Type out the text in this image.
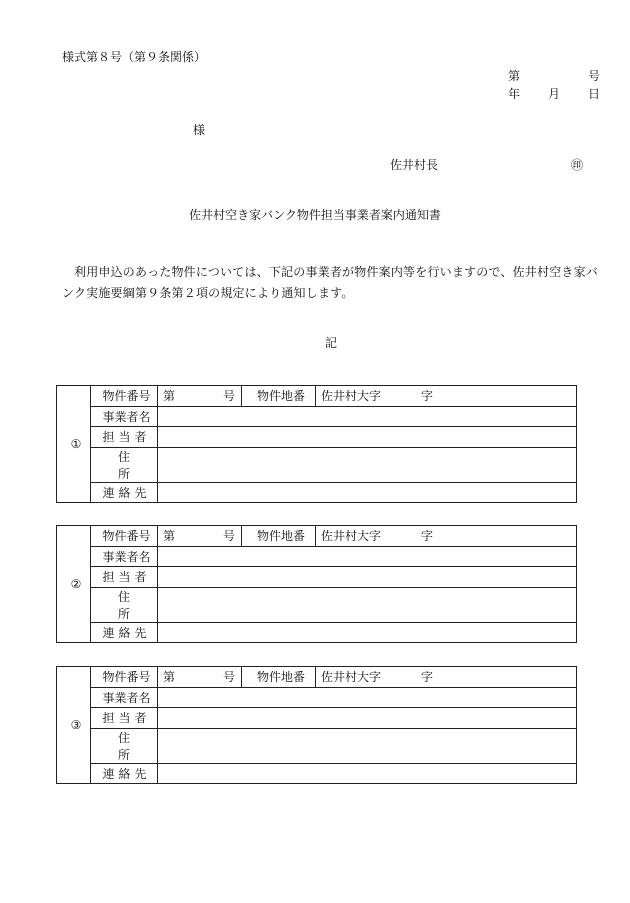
様式第８号（第９条関係）
第	号
年 月 日
様
佐井村長	㊞
佐井村空き家バンク物件担当事業者案内通知書
利用申込のあった物件については、下記の事業者が物件案内等を行いますので、佐井村空き家バンク実施要綱第９条第２項の規定により通知します。
記
①	物件番号	第 号	物件地番	佐井村大字 字
	事業者名			
	担当者			
	住所			
	連絡先			
②	物件番号	第 号	物件地番	佐井村大字 字
	事業者名			
	担当者			
	住所			
	連絡先			
③	物件番号	第 号	物件地番	佐井村大字 字
	事業者名			
	担当者			
	住所			
	連絡先			
